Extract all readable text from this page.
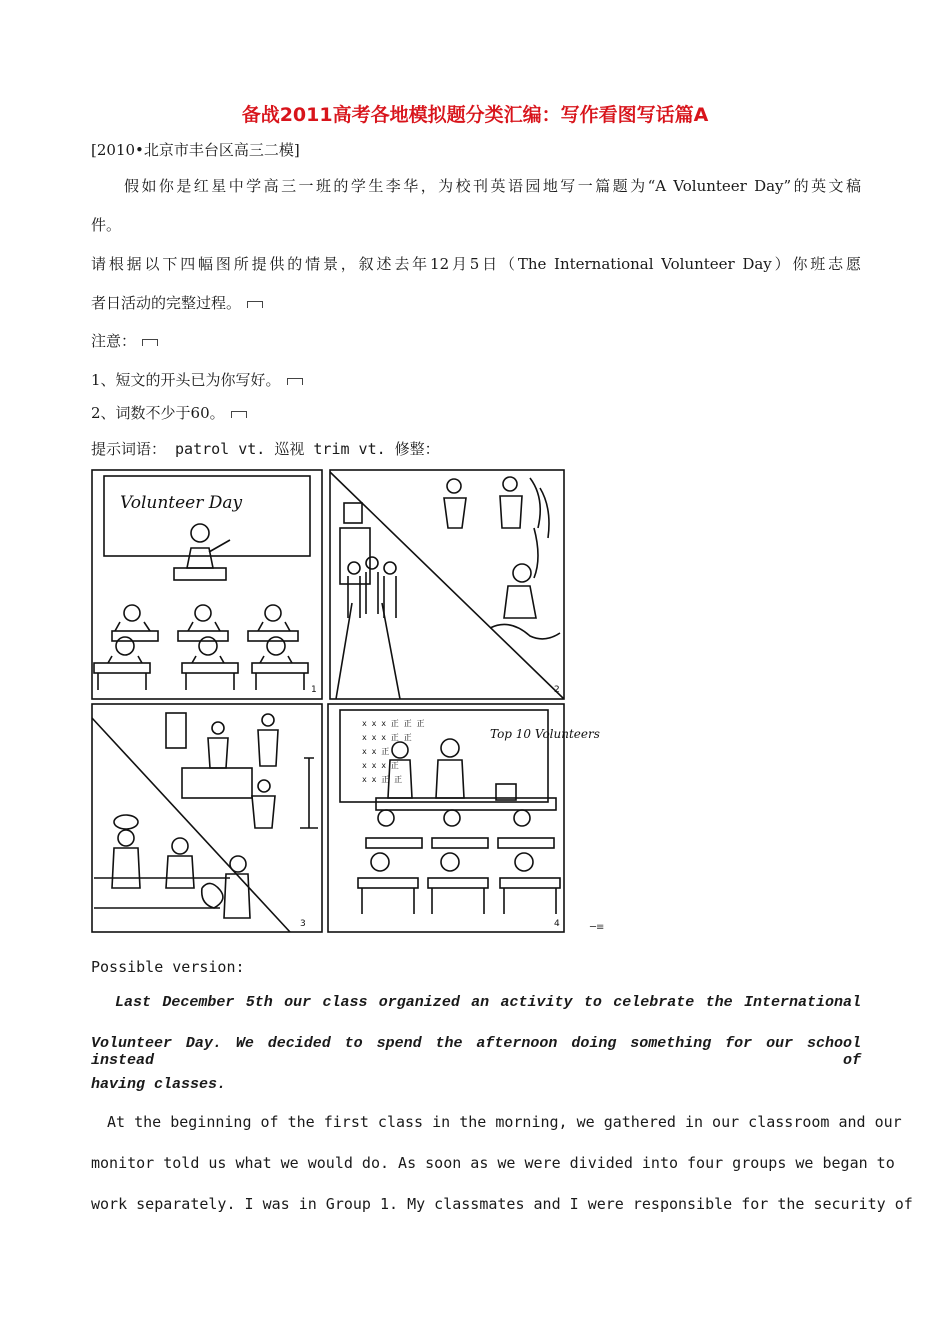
备战2011高考各地模拟题分类汇编：写作看图写话篇A
[2010•北京市丰台区高三二模]
假如你是红星中学高三一班的学生李华，为校刊英语园地写一篇题为“A Volunteer Day”的英文稿
件。
请根据以下四幅图所提供的情景，叙述去年12月5日（The International Volunteer Day）你班志愿
者日活动的完整过程。
注意：
1、短文的开头已为你写好。
2、词数不少于60。
提示词语： patrol vt. 巡视 trim vt. 修整：
Volunteer Day
Top 10 Volunteers
x x x 正 正 正
x x x 正 正
x x 正
x x x 正
x x 正 正
1	2
3	4	─≡
Possible version:
Last December 5th our class organized an activity to celebrate the International
Volunteer Day. We decided to spend the afternoon doing something for our school instead of
having classes.
At the beginning of the first class in the morning, we gathered in our classroom and our
monitor told us what we would do. As soon as we were divided into four groups we began to
work separately. I was in Group 1. My classmates and I were responsible for the security of
